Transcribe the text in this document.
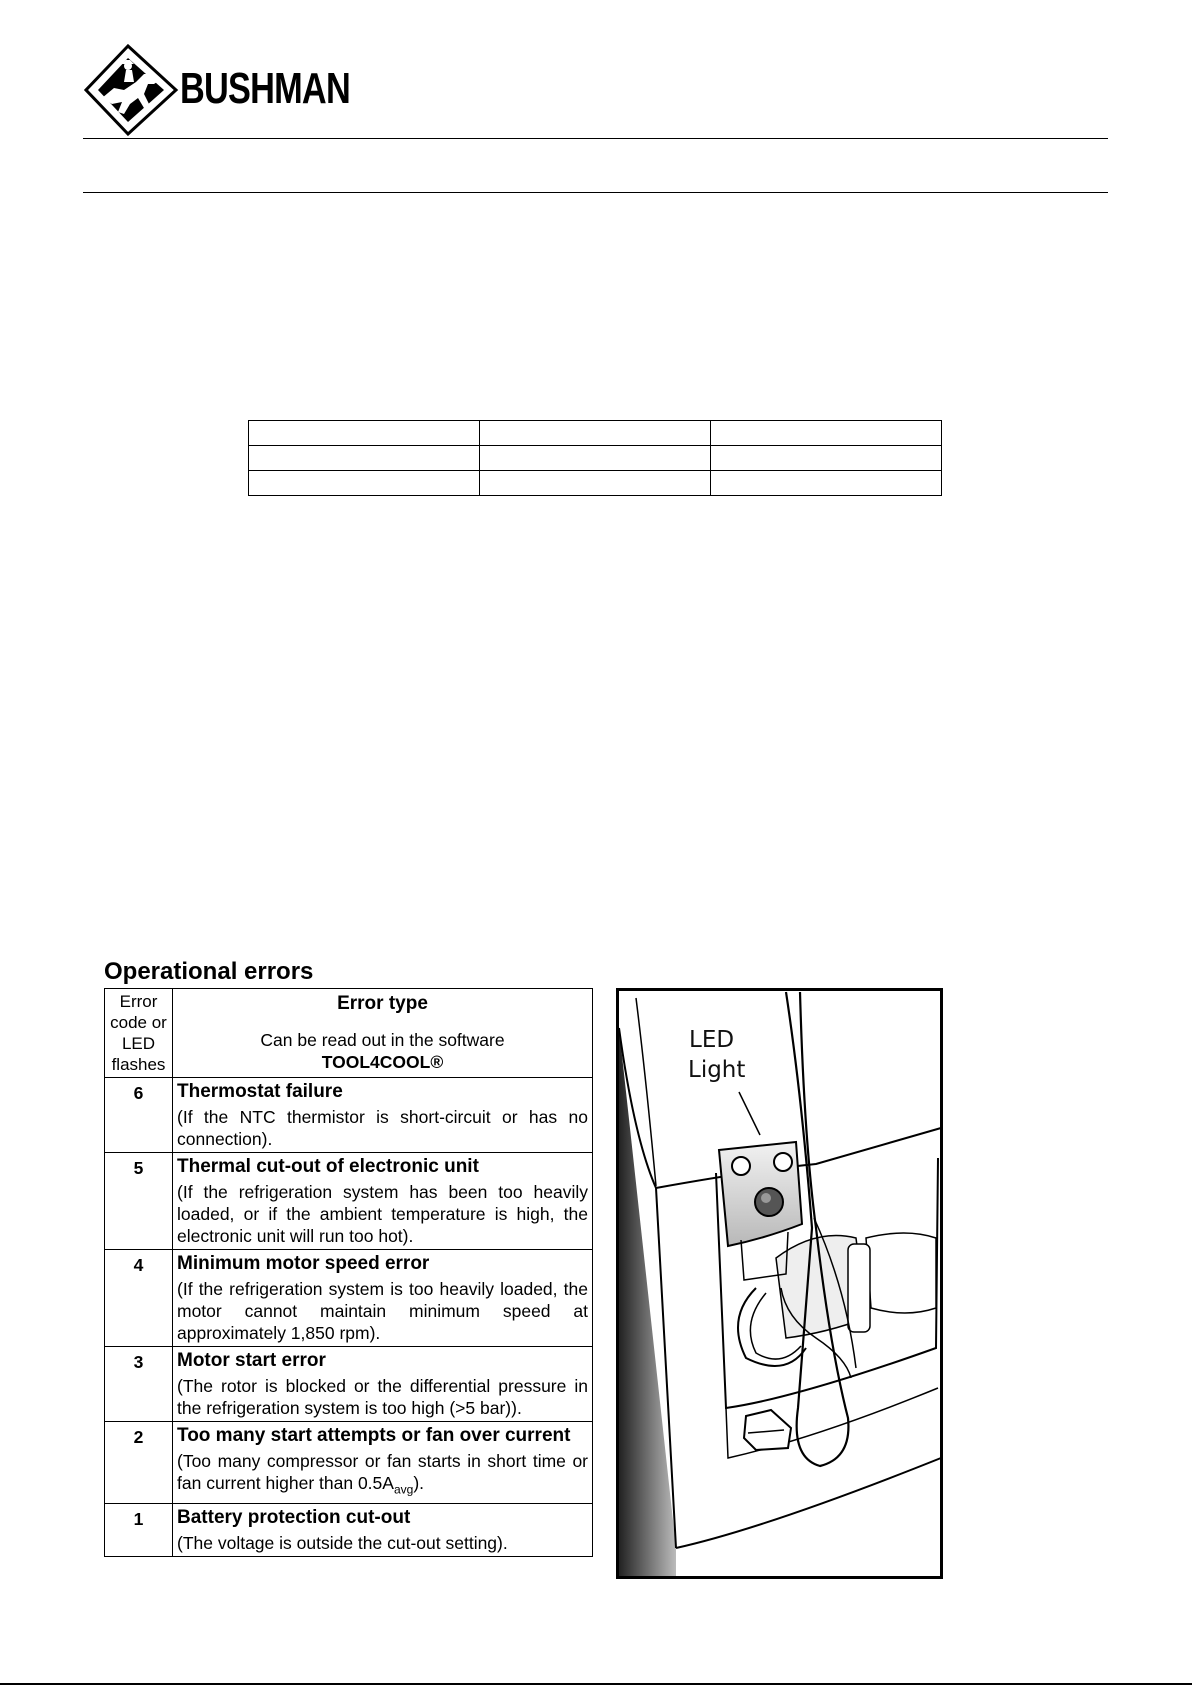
BUSHMAN

Operational errors
Error code or LED flashes	Error type
Can be read out in the software
TOOL4COOL®

6	Thermostat failure
(If the NTC thermistor is short-circuit or has no connection).

5	Thermal cut-out of electronic unit
(If the refrigeration system has been too heavily loaded, or if the ambient temperature is high, the electronic unit will run too hot).

4	Minimum motor speed error
(If the refrigeration system is too heavily loaded, the motor cannot maintain minimum speed at approximately 1,850 rpm).

3	Motor start error
(The rotor is blocked or the differential pressure in the refrigeration system is too high (>5 bar)).

2	Too many start attempts or fan over current
(Too many compressor or fan starts in short time or fan current higher than $0.5A_{avg}$).

1	Battery protection cut-out
(The voltage is outside the cut-out setting).
LED
Light
